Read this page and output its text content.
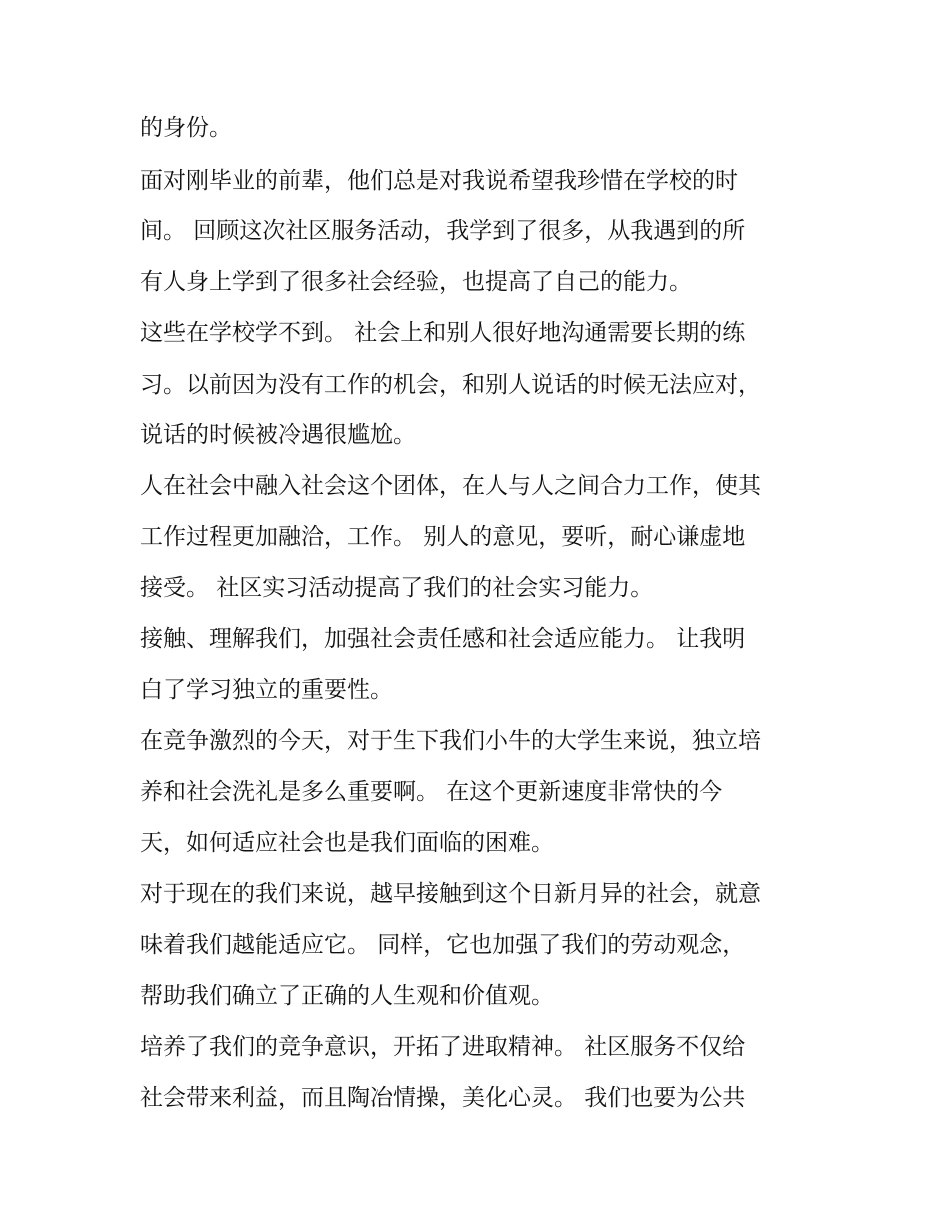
的身份。

面对刚毕业的前辈，他们总是对我说希望我珍惜在学校的时

间。 回顾这次社区服务活动，我学到了很多，从我遇到的所

有人身上学到了很多社会经验，也提高了自己的能力。

这些在学校学不到。 社会上和别人很好地沟通需要长期的练

习。以前因为没有工作的机会，和别人说话的时候无法应对，

说话的时候被冷遇很尴尬。

人在社会中融入社会这个团体，在人与人之间合力工作，使其

工作过程更加融洽，工作。 别人的意见，要听，耐心谦虚地

接受。 社区实习活动提高了我们的社会实习能力。

接触、理解我们，加强社会责任感和社会适应能力。 让我明

白了学习独立的重要性。

在竞争激烈的今天，对于生下我们小牛的大学生来说，独立培

养和社会洗礼是多么重要啊。 在这个更新速度非常快的今

天，如何适应社会也是我们面临的困难。

对于现在的我们来说，越早接触到这个日新月异的社会，就意

味着我们越能适应它。 同样，它也加强了我们的劳动观念，

帮助我们确立了正确的人生观和价值观。

培养了我们的竞争意识，开拓了进取精神。 社区服务不仅给

社会带来利益，而且陶冶情操，美化心灵。 我们也要为公共
